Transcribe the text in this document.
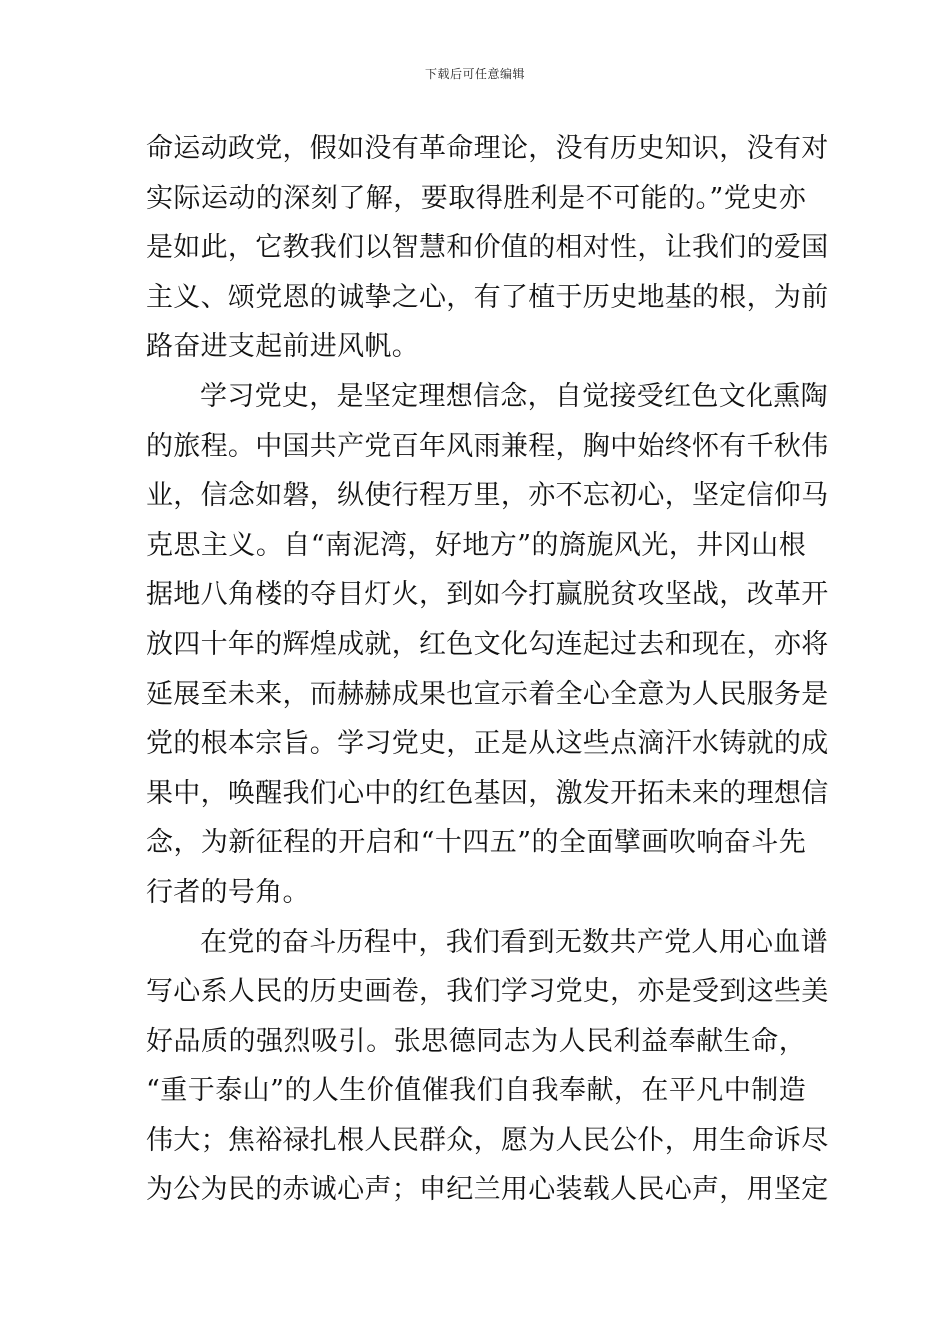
下载后可任意编辑
命运动政党，假如没有革命理论，没有历史知识，没有对
实际运动的深刻了解，要取得胜利是不可能的。”党史亦
是如此，它教我们以智慧和价值的相对性，让我们的爱国
主义、颂党恩的诚挚之心，有了植于历史地基的根，为前
路奋进支起前进风帆。
学习党史，是坚定理想信念，自觉接受红色文化熏陶
的旅程。中国共产党百年风雨兼程，胸中始终怀有千秋伟
业，信念如磐，纵使行程万里，亦不忘初心，坚定信仰马
克思主义。自“南泥湾，好地方”的旖旎风光，井冈山根
据地八角楼的夺目灯火，到如今打赢脱贫攻坚战，改革开
放四十年的辉煌成就，红色文化勾连起过去和现在，亦将
延展至未来，而赫赫成果也宣示着全心全意为人民服务是
党的根本宗旨。学习党史，正是从这些点滴汗水铸就的成
果中，唤醒我们心中的红色基因，激发开拓未来的理想信
念，为新征程的开启和“十四五”的全面擘画吹响奋斗先
行者的号角。
在党的奋斗历程中，我们看到无数共产党人用心血谱
写心系人民的历史画卷，我们学习党史，亦是受到这些美
好品质的强烈吸引。张思德同志为人民利益奉献生命，
“重于泰山”的人生价值催我们自我奉献，在平凡中制造
伟大；焦裕禄扎根人民群众，愿为人民公仆，用生命诉尽
为公为民的赤诚心声；申纪兰用心装载人民心声，用坚定
